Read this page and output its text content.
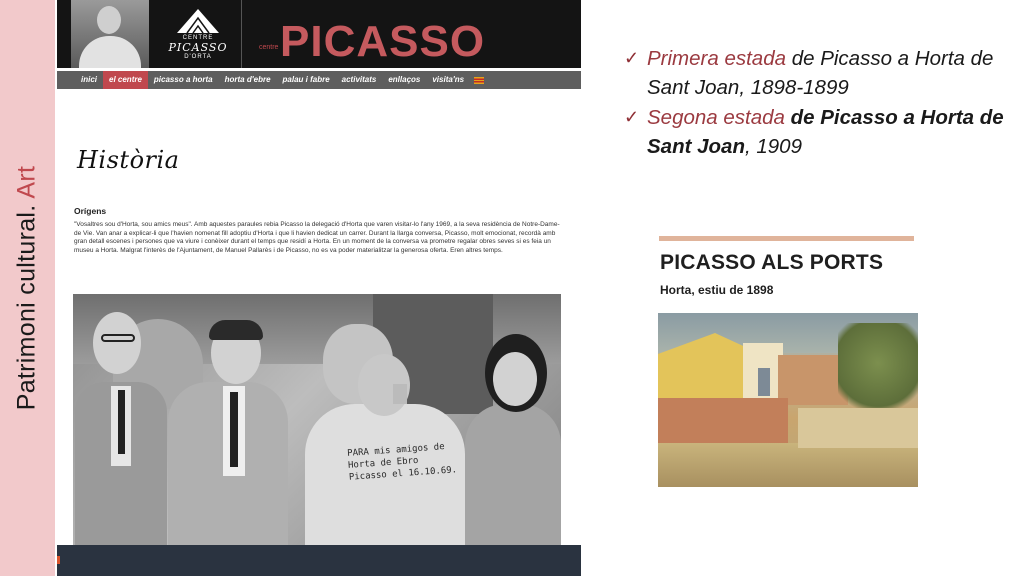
Patrimoni cultural. Art
CENTRE
PICASSO
D'ORTA
centre PICASSO
inici	el centre	picasso a horta	horta d'ebre	palau i fabre	activitats	enllaços	visita'ns
Història
Orígens

"Vosaltres sou d'Horta, sou amics meus". Amb aquestes paraules rebia Picasso la delegació d'Horta que varen visitar-lo l'any 1969, a la seva residència de Notre-Dame-de Vie. Van anar a explicar-li que l'havien nomenat fill adoptiu d'Horta i que li havien dedicat un carrer. Durant la llarga conversa, Picasso, molt emocionat, recordà amb gran detall escenes i persones que va viure i conèixer durant el temps que residí a Horta. En un moment de la conversa va prometre regalar obres seves si es feia un museu a Horta. Malgrat l'interès de l'Ajuntament, de Manuel Pallarès i de Picasso, no es va poder materialitzar la generosa oferta. Eren altres temps.

PARA mis amigos de Horta de Ebro Picasso el 16.10.69.
✓ Primera estada de Picasso a Horta de Sant Joan, 1898-1899
✓ Segona estada de Picasso a Horta de Sant Joan, 1909
PICASSO ALS PORTS
Horta, estiu de 1898
